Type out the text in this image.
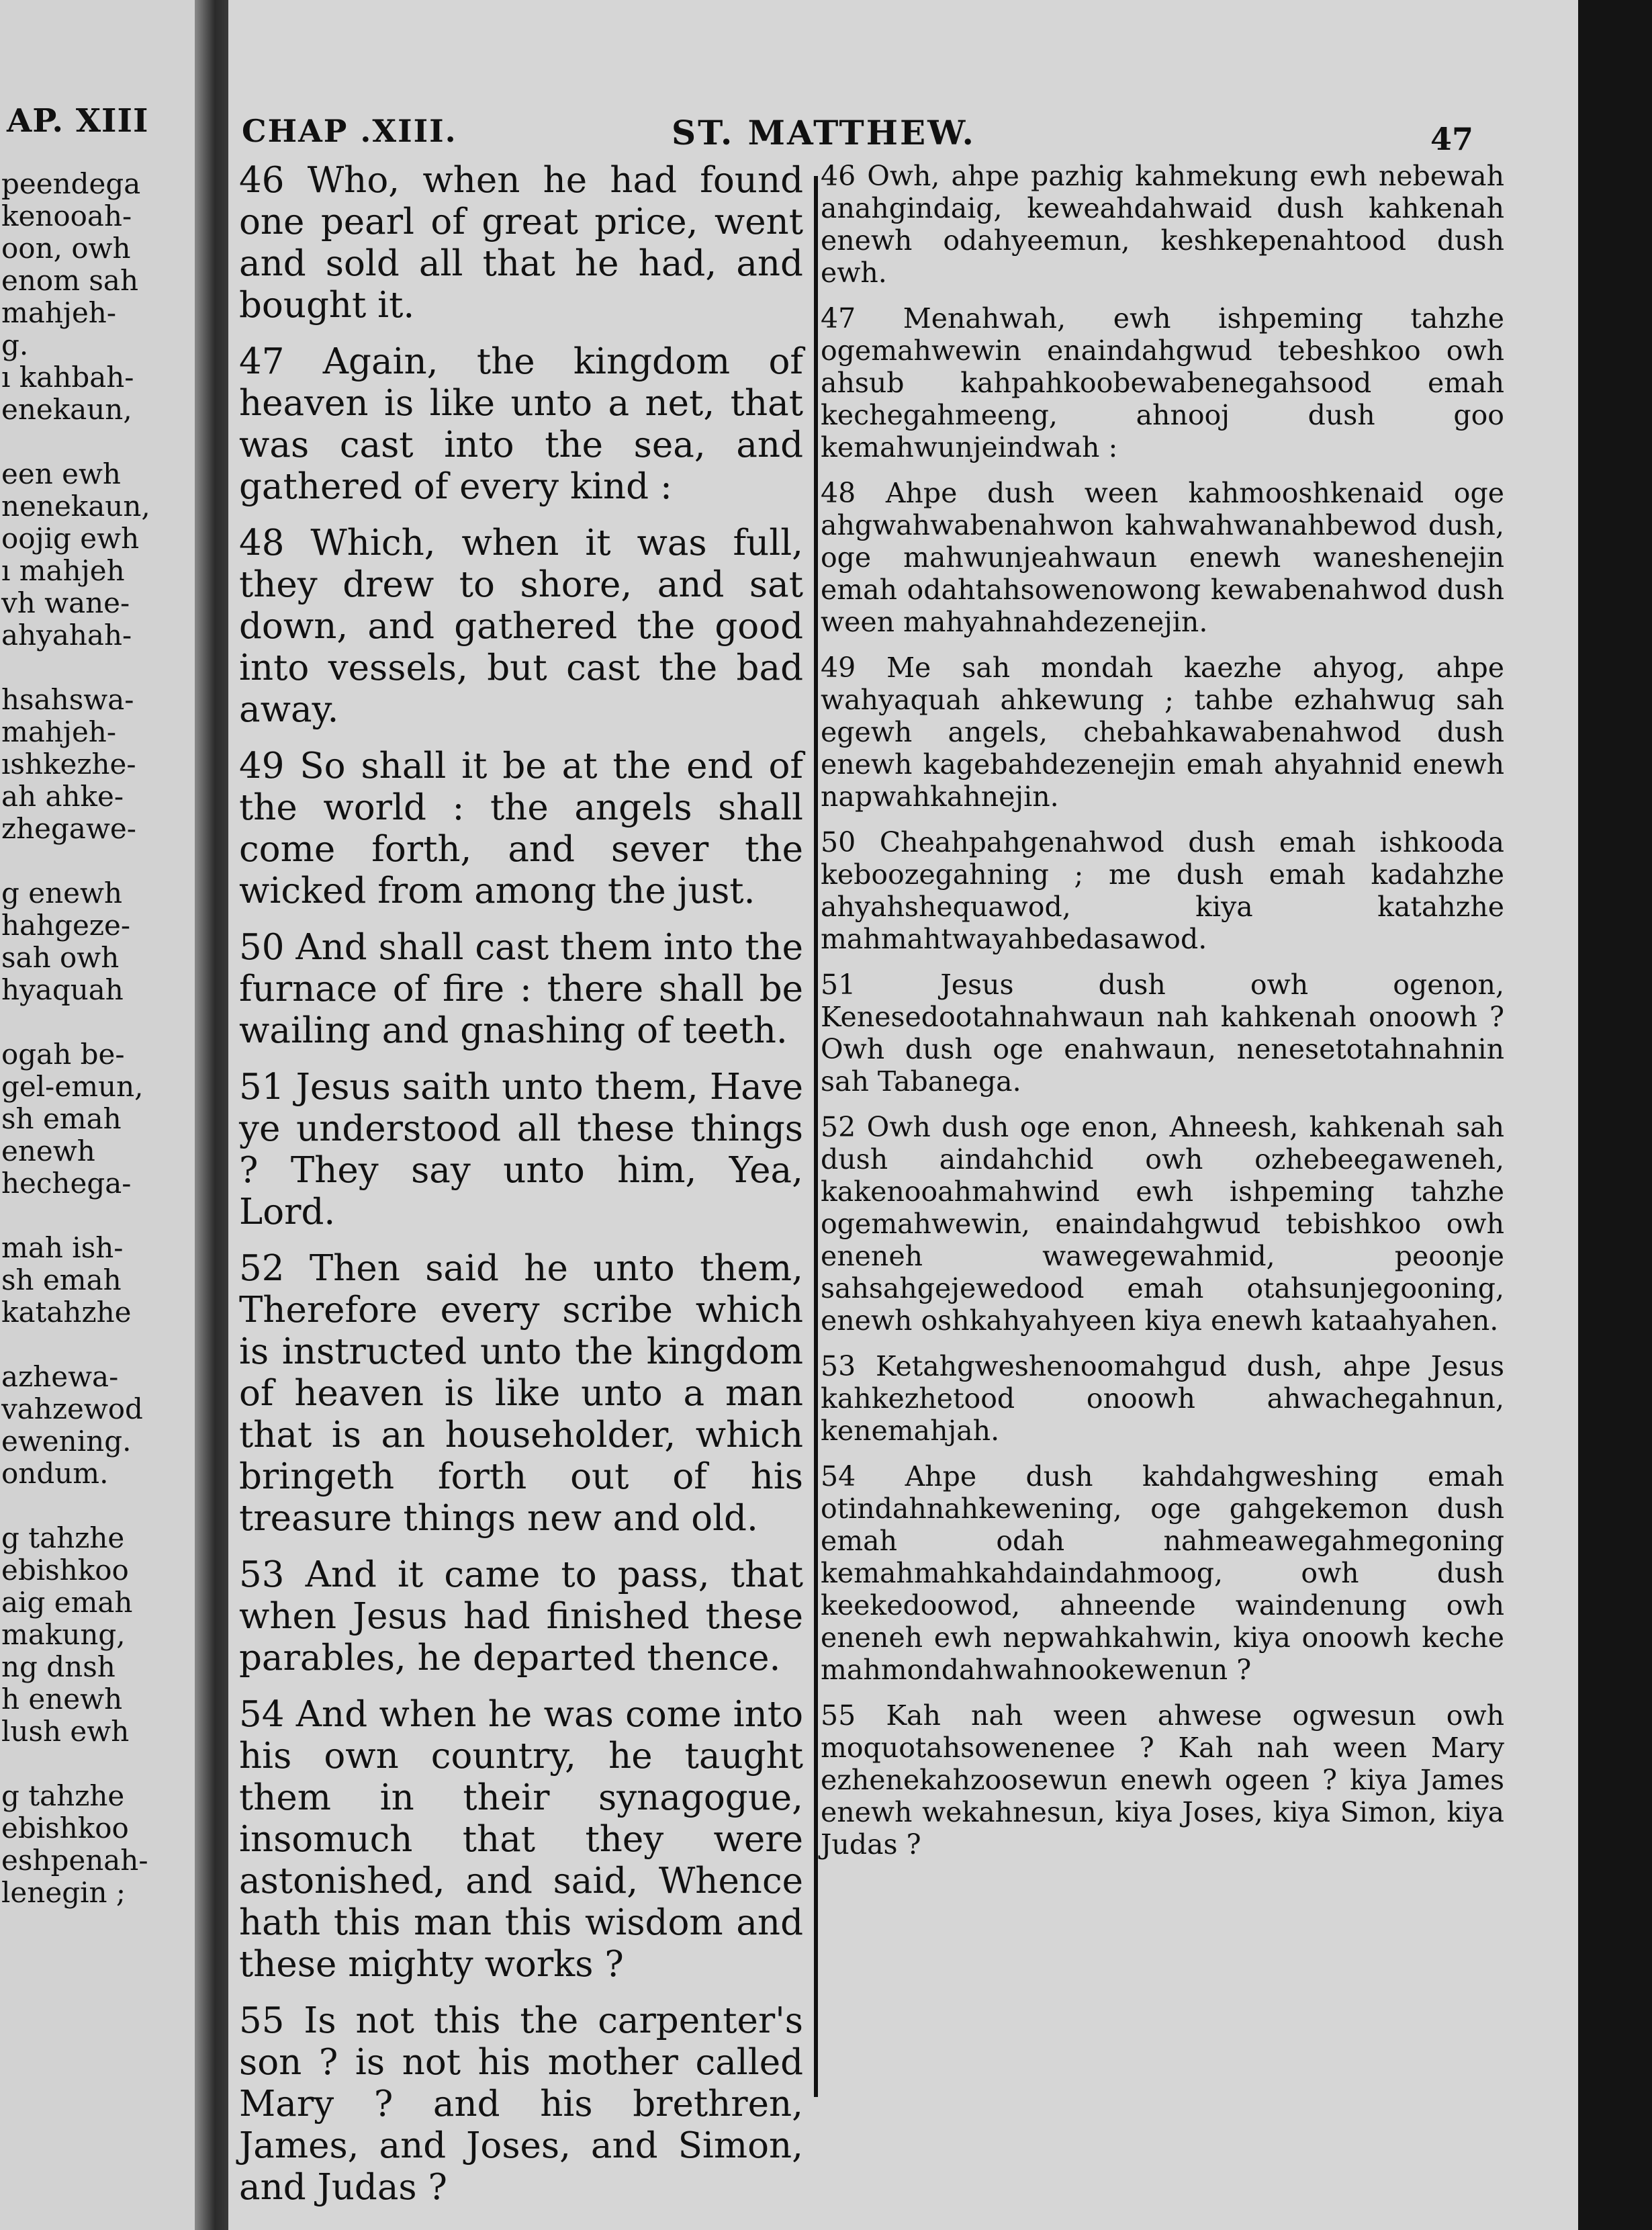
AP. XIII
peendega
kenooah-
oon, owh
enom sah
mahjeh-
g.
ı kahbah-
enekaun,
een ewh
nenekaun,
oojig ewh
ı mahjeh
vh wane-
ahyahah-
hsahswa-
mahjeh-
ıshkezhe-
ah ahke-
zhegawe-
g enewh
hahgeze-
sah owh
hyaquah
ogah be-
gel-emun,
sh emah
enewh
hechega-
mah ish-
sh emah
katahzhe
azhewa-
vahzewod
ewening.
ondum.
g tahzhe
ebishkoo
aig emah
makung,
ng dnsh
h enewh
lush ewh
g tahzhe
ebishkoo
eshpenah-
lenegin ;
CHAP .XIII.	ST. MATTHEW.	47

46 Who, when he had found one pearl of great price, went and sold all that he had, and bought it.

47 Again, the kingdom of heaven is like unto a net, that was cast into the sea, and gathered of every kind :

48 Which, when it was full, they drew to shore, and sat down, and gathered the good into vessels, but cast the bad away.

49 So shall it be at the end of the world : the angels shall come forth, and sever the wicked from among the just.

50 And shall cast them into the furnace of fire : there shall be wailing and gnashing of teeth.

51 Jesus saith unto them, Have ye understood all these things ? They say unto him, Yea, Lord.

52 Then said he unto them, Therefore every scribe which is instructed unto the kingdom of heaven is like unto a man that is an householder, which bringeth forth out of his treasure things new and old.

53 And it came to pass, that when Jesus had finished these parables, he departed thence.

54 And when he was come into his own country, he taught them in their synagogue, insomuch that they were astonished, and said, Whence hath this man this wisdom and these mighty works ?

55 Is not this the carpenter's son ? is not his mother called Mary ? and his brethren, James, and Joses, and Simon, and Judas ?

46 Owh, ahpe pazhig kahmekung ewh nebewah anahgindaig, keweahdahwaid dush kahkenah enewh odahyeemun, keshkepenahtood dush ewh.

47 Menahwah, ewh ishpeming tahzhe ogemahwewin enaindahgwud tebeshkoo owh ahsub kahpahkoobewabenegahsood emah kechegahmeeng, ahnooj dush goo kemahwunjeindwah :

48 Ahpe dush ween kahmooshkenaid oge ahgwahwabenahwon kahwahwanahbewod dush, oge mahwunjeahwaun enewh waneshenejin emah odahtahsowenowong kewabenahwod dush ween mahyahnahdezenejin.

49 Me sah mondah kaezhe ahyog, ahpe wahyaquah ahkewung ; tahbe ezhahwug sah egewh angels, chebahkawabenahwod dush enewh kagebahdezenejin emah ahyahnid enewh napwahkahnejin.

50 Cheahpahgenahwod dush emah ishkooda keboozegahning ; me dush emah kadahzhe ahyahshequawod, kiya katahzhe mahmahtwayahbedasawod.

51 Jesus dush owh ogenon, Kenesedootahnahwaun nah kahkenah onoowh ? Owh dush oge enahwaun, nenesetotahnahnin sah Tabanega.

52 Owh dush oge enon, Ahneesh, kahkenah sah dush aindahchid owh ozhebeegaweneh, kakenooahmahwind ewh ishpeming tahzhe ogemahwewin, enaindahgwud tebishkoo owh eneneh wawegewahmid, peoonje sahsahgejewedood emah otahsunjegooning, enewh oshkahyahyeen kiya enewh kataahyahen.

53 Ketahgweshenoomahgud dush, ahpe Jesus kahkezhetood onoowh ahwachegahnun, kenemahjah.

54 Ahpe dush kahdahgweshing emah otindahnahkewening, oge gahgekemon dush emah odah nahmeawegahmegoning kemahmahkahdaindahmoog, owh dush keekedoowod, ahneende waindenung owh eneneh ewh nepwahkahwin, kiya onoowh keche mahmondahwahnookewenun ?

55 Kah nah ween ahwese ogwesun owh moquotahsowenenee ? Kah nah ween Mary ezhenekahzoosewun enewh ogeen ? kiya James enewh wekahnesun, kiya Joses, kiya Simon, kiya Judas ?
